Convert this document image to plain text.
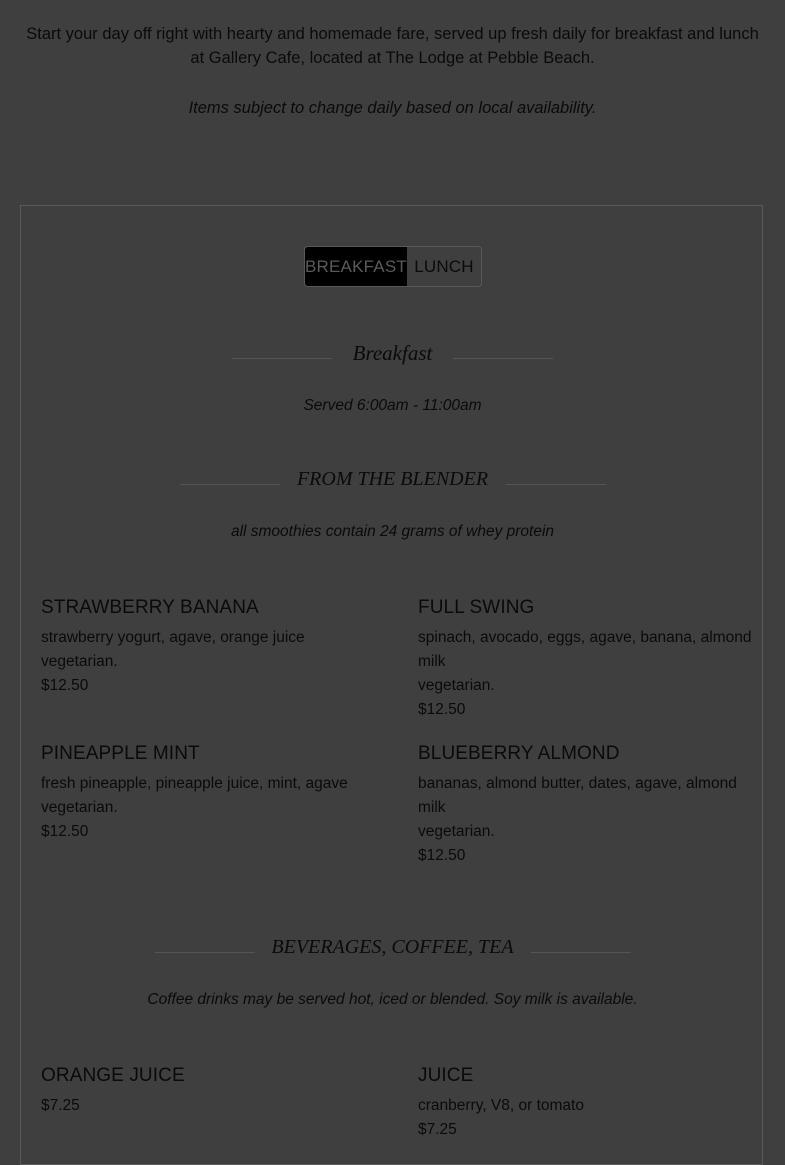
Start your day off right with hearty and homemade fare, served up fresh daily for breakfast and lunch at Gallery Cafe, located at The Lodge at Pebble Beach.
Items subject to change daily based on local availability.
BREAKFAST LUNCH
Breakfast
Served 6:00am - 11:00am
FROM THE BLENDER
all smoothies contain 24 grams of whey protein
STRAWBERRY BANANA
strawberry yogurt, agave, orange juice
vegetarian.
$12.50
FULL SWING
spinach, avocado, eggs, agave, banana, almond
milk
vegetarian.
$12.50
PINEAPPLE MINT
fresh pineapple, pineapple juice, mint, agave
vegetarian.
$12.50
BLUEBERRY ALMOND
bananas, almond butter, dates, agave, almond
milk
vegetarian.
$12.50
BEVERAGES, COFFEE, TEA
Coffee drinks may be served hot, iced or blended. Soy milk is available.
ORANGE JUICE
$7.25
JUICE
cranberry, V8, or tomato
$7.25
